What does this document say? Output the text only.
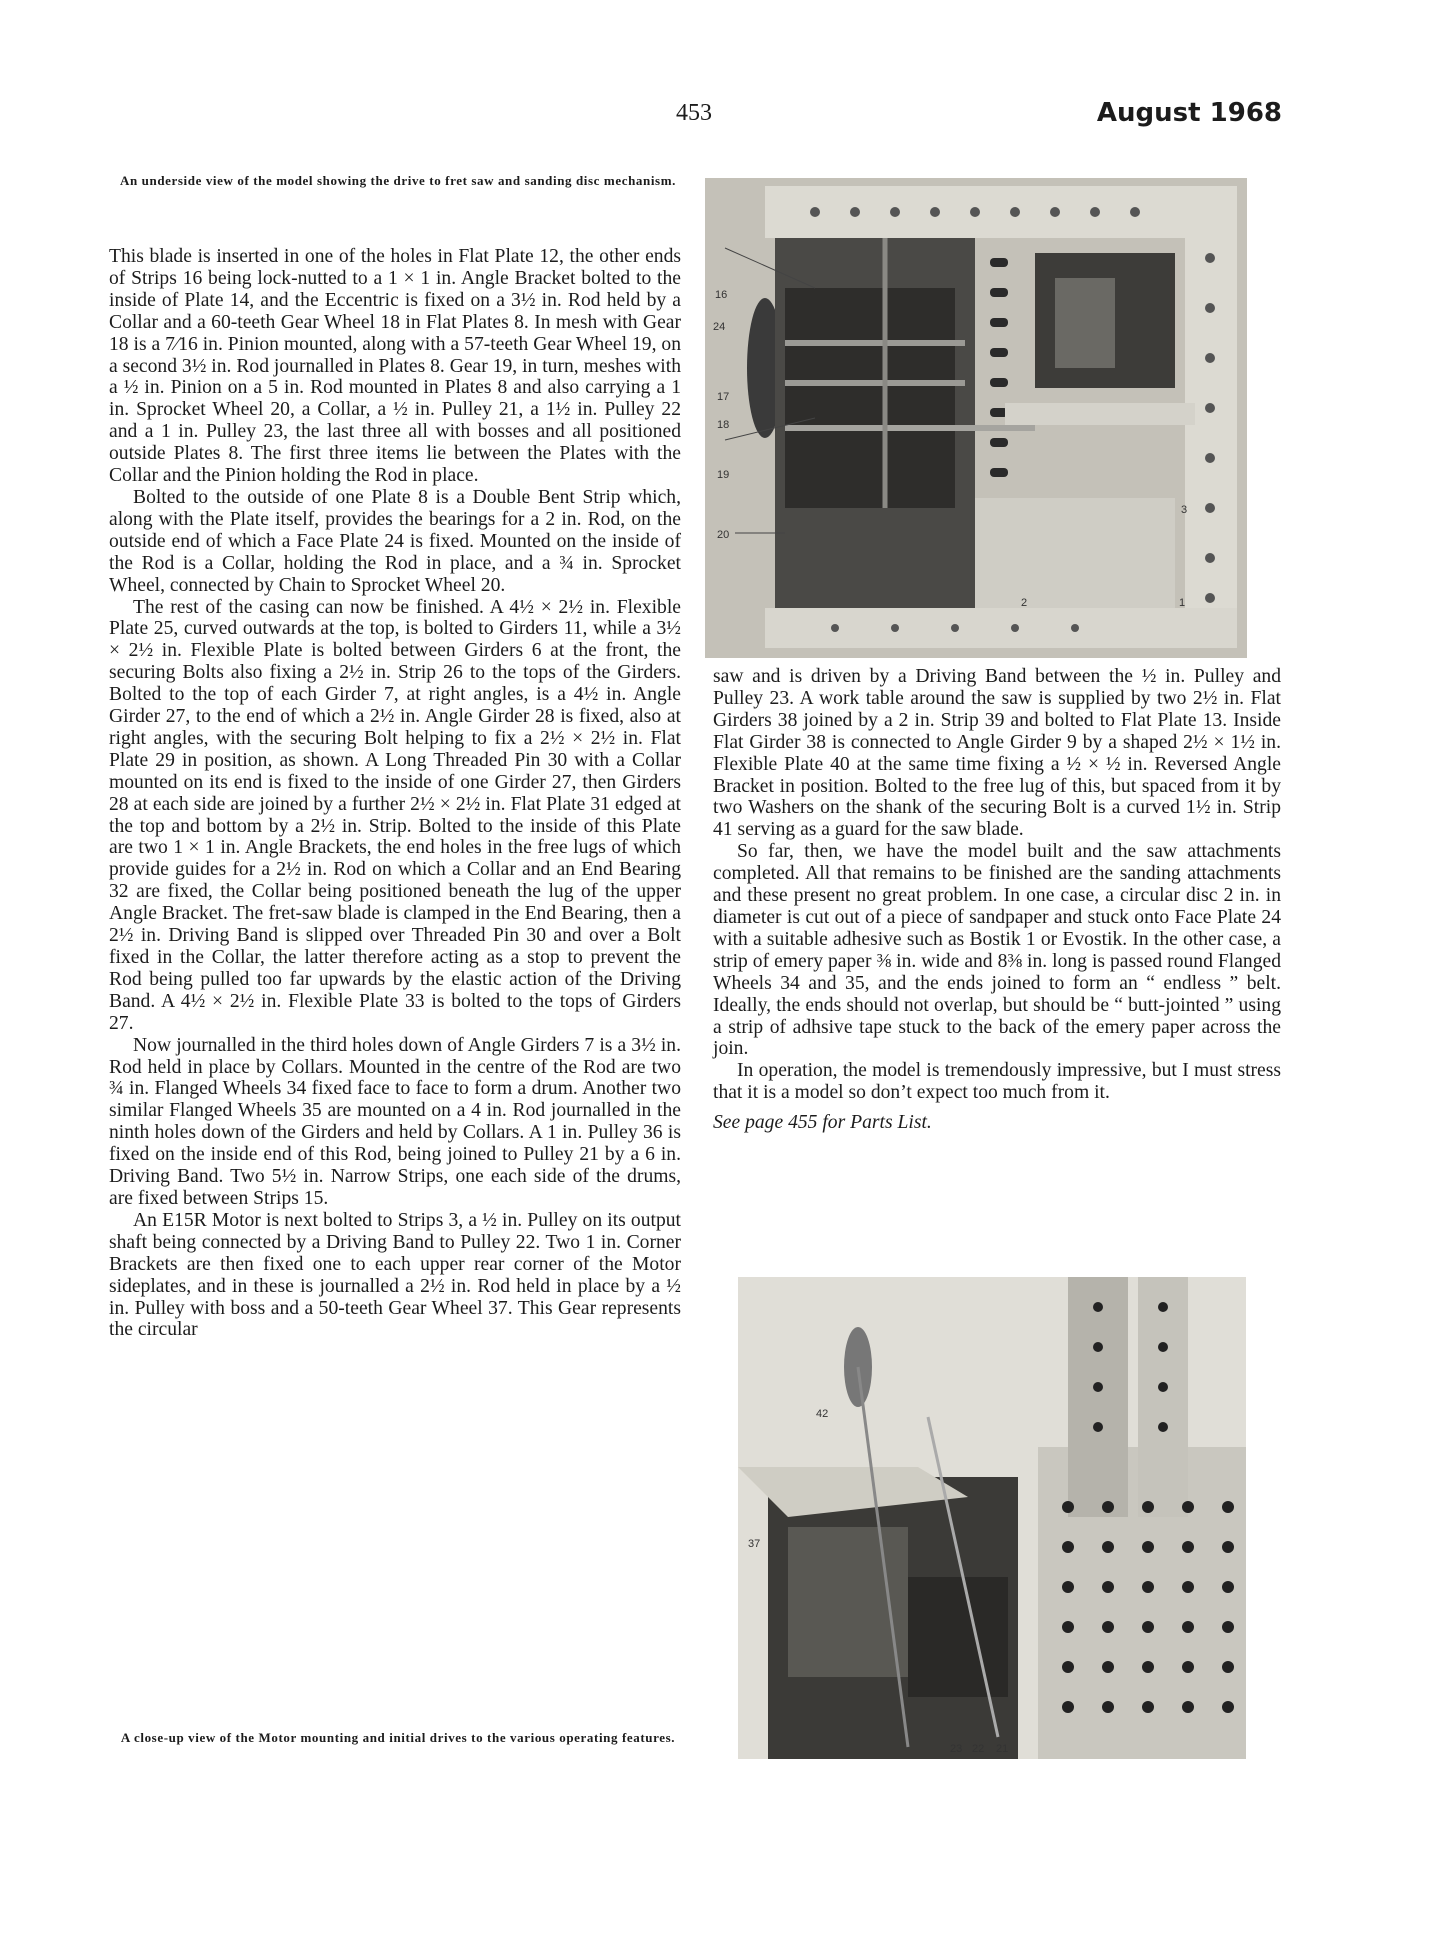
453	August 1968
An underside view of the model showing the drive to fret saw and sanding disc mechanism.
16
24
17
18
19
20
3
2	1

This blade is inserted in one of the holes in Flat Plate 12, the other ends of Strips 16 being lock-nutted to a 1 × 1 in. Angle Bracket bolted to the inside of Plate 14, and the Eccentric is fixed on a 3½ in. Rod held by a Collar and a 60-teeth Gear Wheel 18 in Flat Plates 8. In mesh with Gear 18 is a 7⁄16 in. Pinion mounted, along with a 57-teeth Gear Wheel 19, on a second 3½ in. Rod journalled in Plates 8. Gear 19, in turn, meshes with a ½ in. Pinion on a 5 in. Rod mounted in Plates 8 and also carrying a 1 in. Sprocket Wheel 20, a Collar, a ½ in. Pulley 21, a 1½ in. Pulley 22 and a 1 in. Pulley 23, the last three all with bosses and all positioned outside Plates 8. The first three items lie between the Plates with the Collar and the Pinion holding the Rod in place.

Bolted to the outside of one Plate 8 is a Double Bent Strip which, along with the Plate itself, provides the bearings for a 2 in. Rod, on the outside end of which a Face Plate 24 is fixed. Mounted on the inside of the Rod is a Collar, holding the Rod in place, and a ¾ in. Sprocket Wheel, connected by Chain to Sprocket Wheel 20.

The rest of the casing can now be finished. A 4½ × 2½ in. Flexible Plate 25, curved outwards at the top, is bolted to Girders 11, while a 3½ × 2½ in. Flexible Plate is bolted between Girders 6 at the front, the securing Bolts also fixing a 2½ in. Strip 26 to the tops of the Girders. Bolted to the top of each Girder 7, at right angles, is a 4½ in. Angle Girder 27, to the end of which a 2½ in. Angle Girder 28 is fixed, also at right angles, with the securing Bolt helping to fix a 2½ × 2½ in. Flat Plate 29 in position, as shown. A Long Threaded Pin 30 with a Collar mounted on its end is fixed to the inside of one Girder 27, then Girders 28 at each side are joined by a further 2½ × 2½ in. Flat Plate 31 edged at the top and bottom by a 2½ in. Strip. Bolted to the inside of this Plate are two 1 × 1 in. Angle Brackets, the end holes in the free lugs of which provide guides for a 2½ in. Rod on which a Collar and an End Bearing 32 are fixed, the Collar being positioned beneath the lug of the upper Angle Bracket. The fret-saw blade is clamped in the End Bearing, then a 2½ in. Driving Band is slipped over Threaded Pin 30 and over a Bolt fixed in the Collar, the latter therefore acting as a stop to prevent the Rod being pulled too far upwards by the elastic action of the Driving Band. A 4½ × 2½ in. Flexible Plate 33 is bolted to the tops of Girders 27.

Now journalled in the third holes down of Angle Girders 7 is a 3½ in. Rod held in place by Collars. Mounted in the centre of the Rod are two ¾ in. Flanged Wheels 34 fixed face to face to form a drum. Another two similar Flanged Wheels 35 are mounted on a 4 in. Rod journalled in the ninth holes down of the Girders and held by Collars. A 1 in. Pulley 36 is fixed on the inside end of this Rod, being joined to Pulley 21 by a 6 in. Driving Band. Two 5½ in. Narrow Strips, one each side of the drums, are fixed between Strips 15.

An E15R Motor is next bolted to Strips 3, a ½ in. Pulley on its output shaft being connected by a Driving Band to Pulley 22. Two 1 in. Corner Brackets are then fixed one to each upper rear corner of the Motor sideplates, and in these is journalled a 2½ in. Rod held in place by a ½ in. Pulley with boss and a 50-teeth Gear Wheel 37. This Gear represents the circular

saw and is driven by a Driving Band between the ½ in. Pulley and Pulley 23. A work table around the saw is supplied by two 2½ in. Flat Girders 38 joined by a 2 in. Strip 39 and bolted to Flat Plate 13. Inside Flat Girder 38 is connected to Angle Girder 9 by a shaped 2½ × 1½ in. Flexible Plate 40 at the same time fixing a ½ × ½ in. Reversed Angle Bracket in position. Bolted to the free lug of this, but spaced from it by two Washers on the shank of the securing Bolt is a curved 1½ in. Strip 41 serving as a guard for the saw blade.

So far, then, we have the model built and the saw attachments completed. All that remains to be finished are the sanding attachments and these present no great problem. In one case, a circular disc 2 in. in diameter is cut out of a piece of sandpaper and stuck onto Face Plate 24 with a suitable adhesive such as Bostik 1 or Evostik. In the other case, a strip of emery paper ⅜ in. wide and 8⅜ in. long is passed round Flanged Wheels 34 and 35, and the ends joined to form an “ endless ” belt. Ideally, the ends should not overlap, but should be “ butt-jointed ” using a strip of adhsive tape stuck to the back of the emery paper across the join.

In operation, the model is tremendously impressive, but I must stress that it is a model so don’t expect too much from it.

See page 455 for Parts List.

42
37
23 22 21
A close-up view of the Motor mounting and initial drives to the various operating features.
